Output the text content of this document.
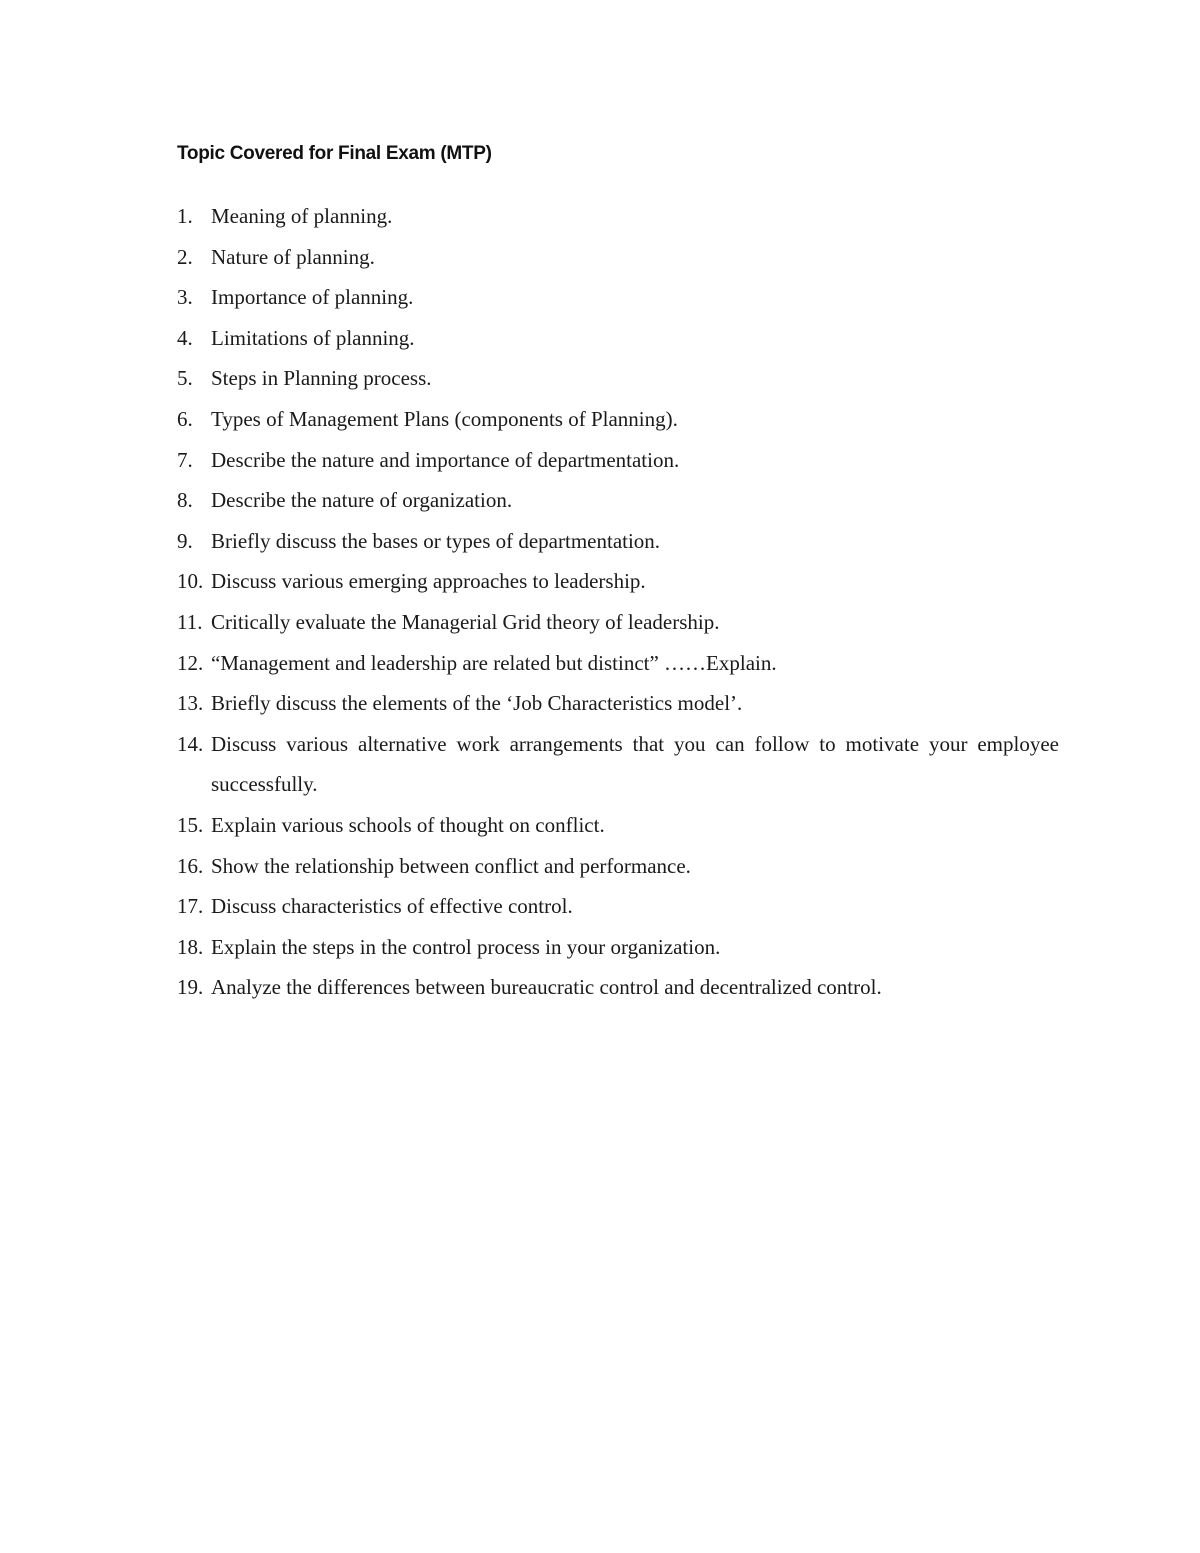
Topic Covered for Final Exam (MTP)
1. Meaning of planning.
2. Nature of planning.
3. Importance of planning.
4. Limitations of planning.
5. Steps in Planning process.
6. Types of Management Plans (components of Planning).
7. Describe the nature and importance of departmentation.
8. Describe the nature of organization.
9. Briefly discuss the bases or types of departmentation.
10. Discuss various emerging approaches to leadership.
11. Critically evaluate the Managerial Grid theory of leadership.
12. “Management and leadership are related but distinct” ……Explain.
13. Briefly discuss the elements of the ‘Job Characteristics model’.
14. Discuss various alternative work arrangements that you can follow to motivate your employee successfully.
15. Explain various schools of thought on conflict.
16. Show the relationship between conflict and performance.
17. Discuss characteristics of effective control.
18. Explain the steps in the control process in your organization.
19. Analyze the differences between bureaucratic control and decentralized control.
